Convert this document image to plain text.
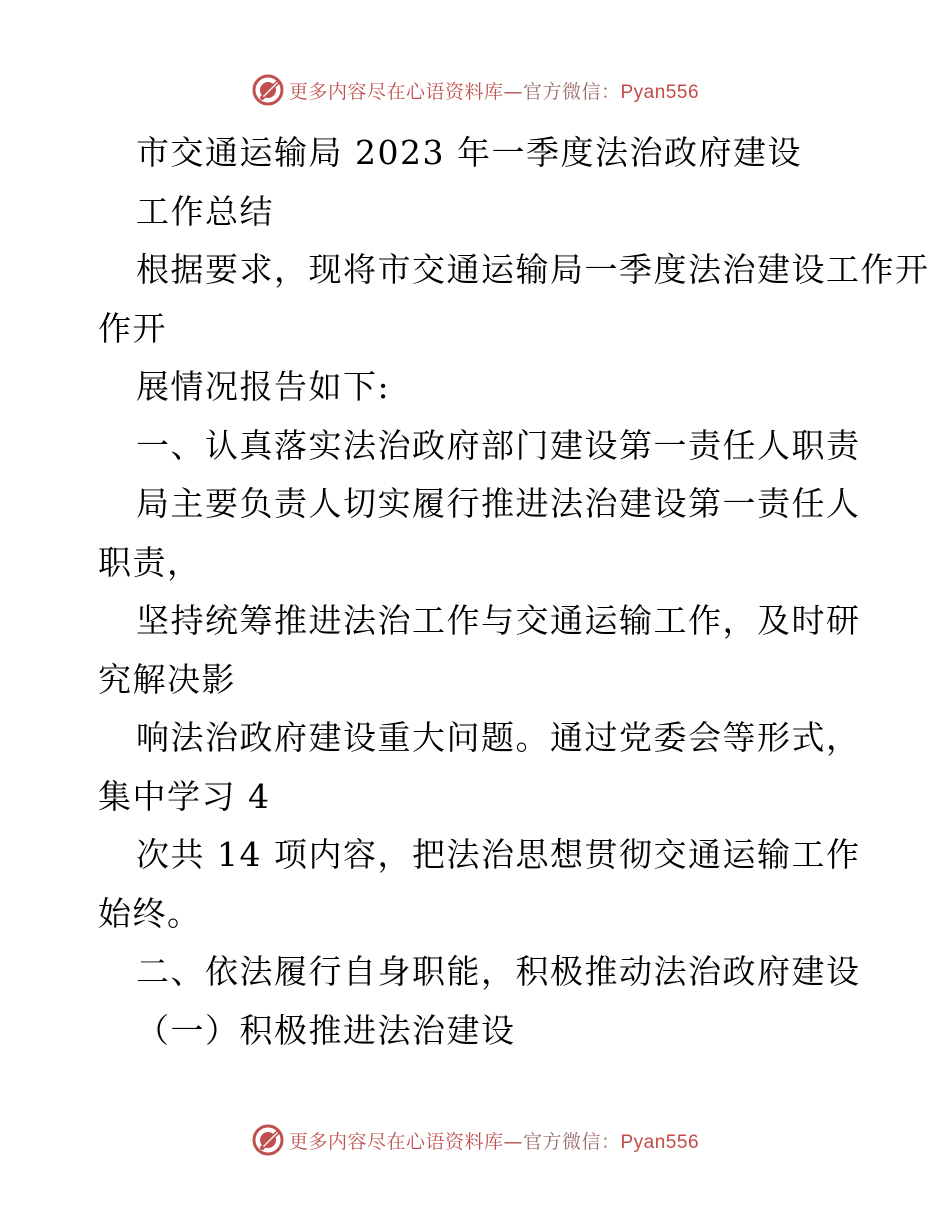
更多内容尽在心语资料库—官方微信：Pyan556
市交通运输局 2023 年一季度法治政府建设
工作总结
根据要求，现将市交通运输局一季度法治建设工作开
作开
展情况报告如下:
一、认真落实法治政府部门建设第一责任人职责
局主要负责人切实履行推进法治建设第一责任人
职责，
坚持统筹推进法治工作与交通运输工作，及时研
究解决影
响法治政府建设重大问题。通过党委会等形式，
集中学习 4
次共 14 项内容，把法治思想贯彻交通运输工作
始终。
二、依法履行自身职能，积极推动法治政府建设
（一）积极推进法治建设
更多内容尽在心语资料库—官方微信：Pyan556
